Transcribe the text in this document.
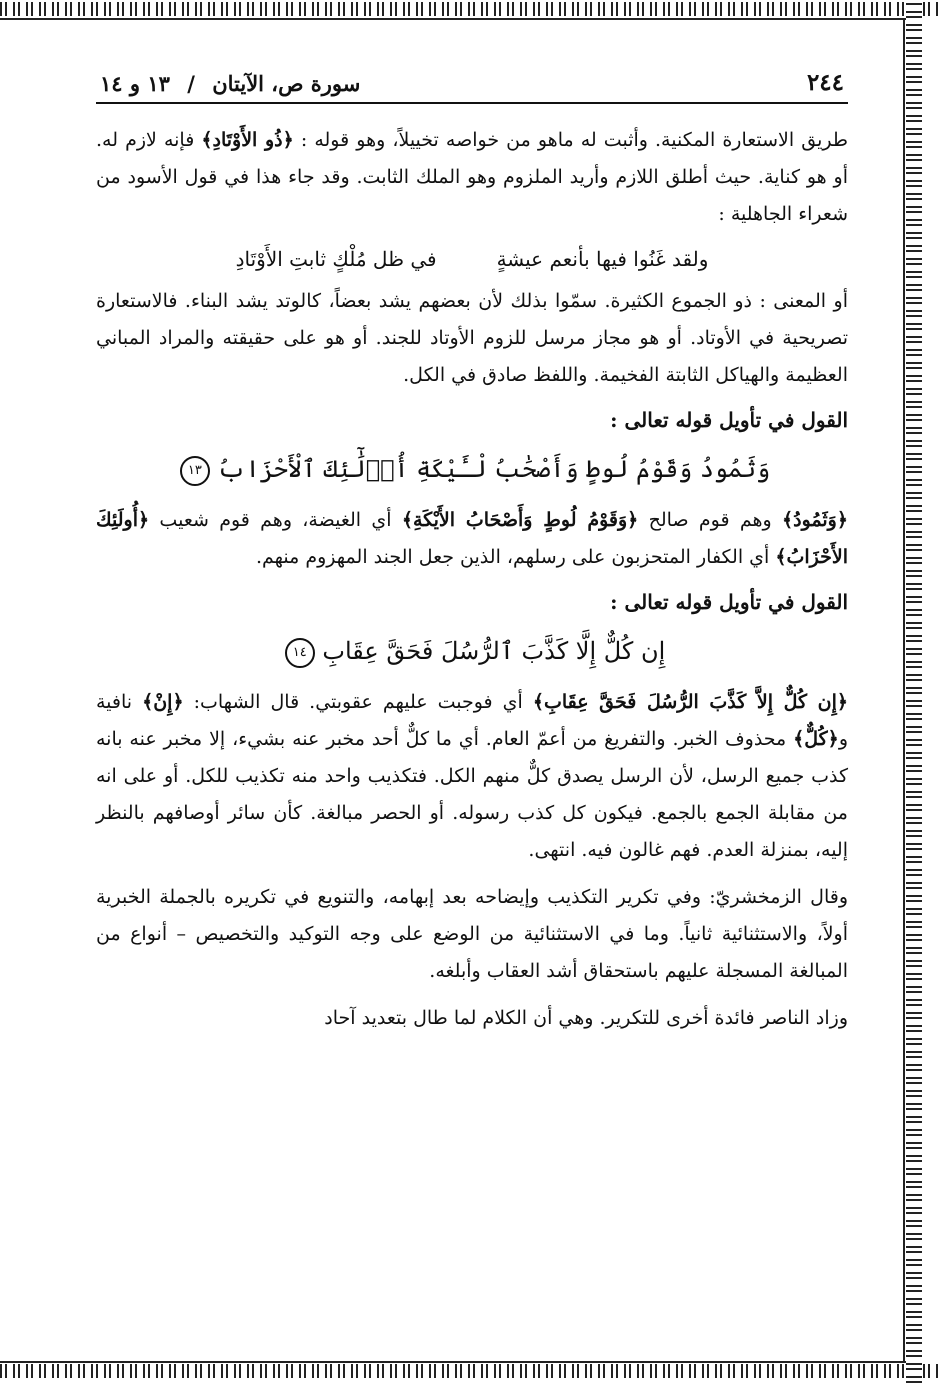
٢٤٤
سورة ص، الآيتان / ١٣ و ١٤

طريق الاستعارة المكنية. وأثبت له ماهو من خواصه تخييلاً، وهو قوله : ﴿ذُو الأَوْتَادِ﴾ فإنه لازم له. أو هو كناية. حيث أطلق اللازم وأريد الملزوم وهو الملك الثابت. وقد جاء هذا في قول الأسود من شعراء الجاهلية :

ولقد غَنُوا فيها بأنعم عيشةٍ
في ظل مُلْكٍ ثابتِ الأَوْتَادِ

أو المعنى : ذو الجموع الكثيرة. سمّوا بذلك لأن بعضهم يشد بعضاً، كالوتد يشد البناء. فالاستعارة تصريحية في الأوتاد. أو هو مجاز مرسل للزوم الأوتاد للجند. أو هو على حقيقته والمراد المباني العظيمة والهياكل الثابتة الفخيمة. واللفظ صادق في الكل.

القول في تأويل قوله تعالى :
وَثَمُودُ وَقَوْمُ لُوطٍ وَأَصْحَٰبُ لْـَٔيْكَةِ أُو۟لَٰٓئِكَ ٱلْأَحْزَابُ ١٣

﴿وَثَمُودُ﴾ وهم قوم صالح ﴿وَقَوْمُ لُوطٍ وَأَصْحَابُ الأَيْكَةِ﴾ أي الغيضة، وهم قوم شعيب ﴿أُولَئِكَ الأَحْزَابُ﴾ أي الكفار المتحزبون على رسلهم، الذين جعل الجند المهزوم منهم.

القول في تأويل قوله تعالى :
إِن كُلٌّ إِلَّا كَذَّبَ ٱلرُّسُلَ فَحَقَّ عِقَابِ ١٤

﴿إِن كُلٌّ إِلاَّ كَذَّبَ الرُّسُلَ فَحَقَّ عِقَابِ﴾ أي فوجبت عليهم عقوبتي. قال الشهاب: ﴿إِنْ﴾ نافية و﴿كُلٌّ﴾ محذوف الخبر. والتفريغ من أعمّ العام. أي ما كلٌّ أحد مخبر عنه بشيء، إلا مخبر عنه بانه كذب جميع الرسل، لأن الرسل يصدق كلٌّ منهم الكل. فتكذيب واحد منه تكذيب للكل. أو على انه من مقابلة الجمع بالجمع. فيكون كل كذب رسوله. أو الحصر مبالغة. كأن سائر أوصافهم بالنظر إليه، بمنزلة العدم. فهم غالون فيه. انتهى.

وقال الزمخشريّ: وفي تكرير التكذيب وإيضاحه بعد إبهامه، والتنويع في تكريره بالجملة الخبرية أولاً، والاستثنائية ثانياً. وما في الاستثنائية من الوضع على وجه التوكيد والتخصيص – أنواع من المبالغة المسجلة عليهم باستحقاق أشد العقاب وأبلغه.

وزاد الناصر فائدة أخرى للتكرير. وهي أن الكلام لما طال بتعديد آحاد
